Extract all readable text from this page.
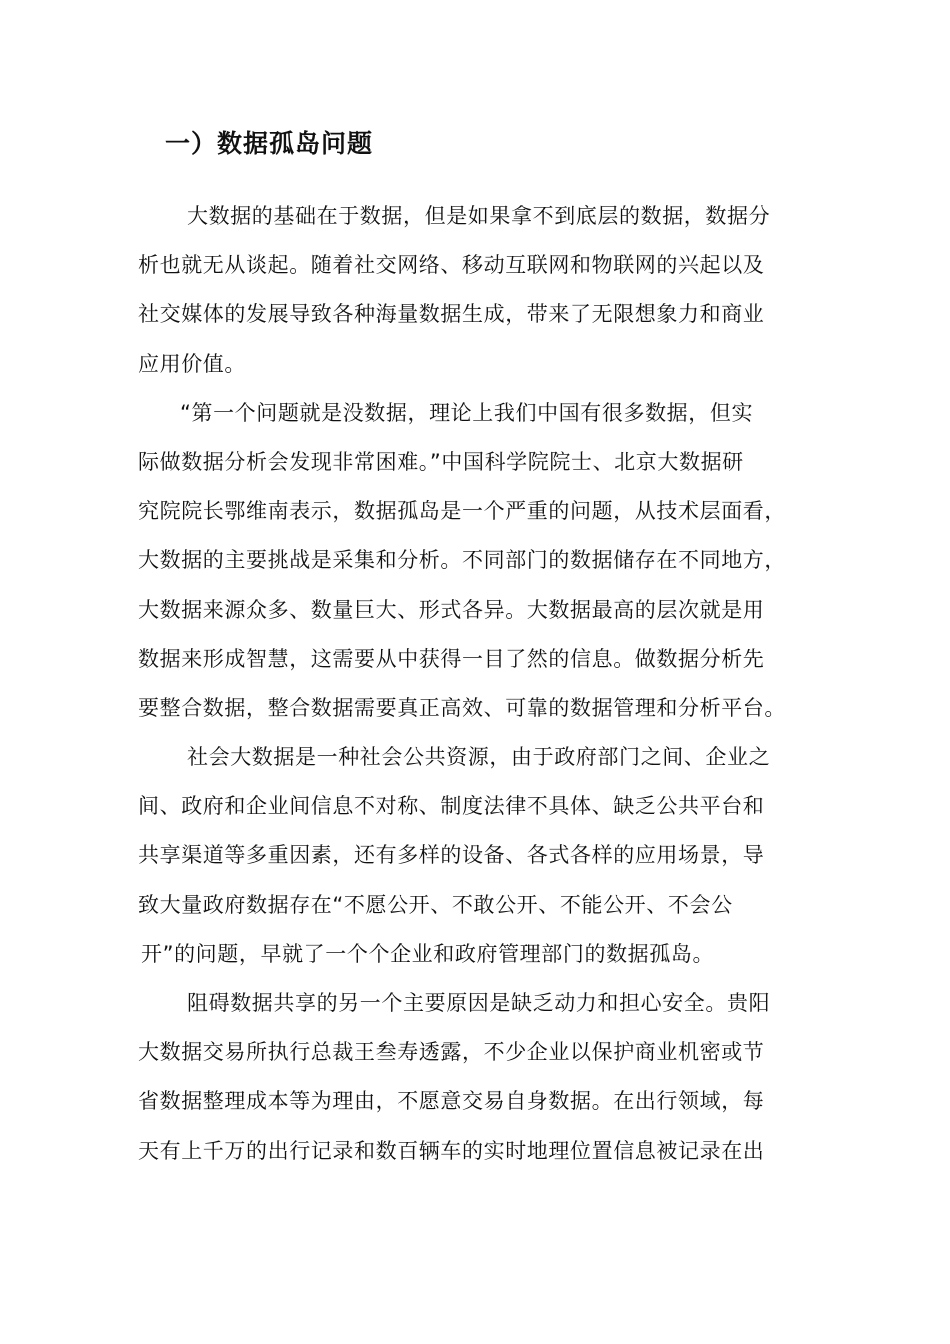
一）数据孤岛问题
大数据的基础在于数据，但是如果拿不到底层的数据，数据分
析也就无从谈起。随着社交网络、移动互联网和物联网的兴起以及
社交媒体的发展导致各种海量数据生成，带来了无限想象力和商业
应用价值。
“第一个问题就是没数据，理论上我们中国有很多数据，但实
际做数据分析会发现非常困难。”中国科学院院士、北京大数据研
究院院长鄂维南表示，数据孤岛是一个严重的问题，从技术层面看，
大数据的主要挑战是采集和分析。不同部门的数据储存在不同地方，
大数据来源众多、数量巨大、形式各异。大数据最高的层次就是用
数据来形成智慧，这需要从中获得一目了然的信息。做数据分析先
要整合数据，整合数据需要真正高效、可靠的数据管理和分析平台。
社会大数据是一种社会公共资源，由于政府部门之间、企业之
间、政府和企业间信息不对称、制度法律不具体、缺乏公共平台和
共享渠道等多重因素，还有多样的设备、各式各样的应用场景，导
致大量政府数据存在“不愿公开、不敢公开、不能公开、不会公
开”的问题，早就了一个个企业和政府管理部门的数据孤岛。
阻碍数据共享的另一个主要原因是缺乏动力和担心安全。贵阳
大数据交易所执行总裁王叁寿透露，不少企业以保护商业机密或节
省数据整理成本等为理由，不愿意交易自身数据。在出行领域，每
天有上千万的出行记录和数百辆车的实时地理位置信息被记录在出
